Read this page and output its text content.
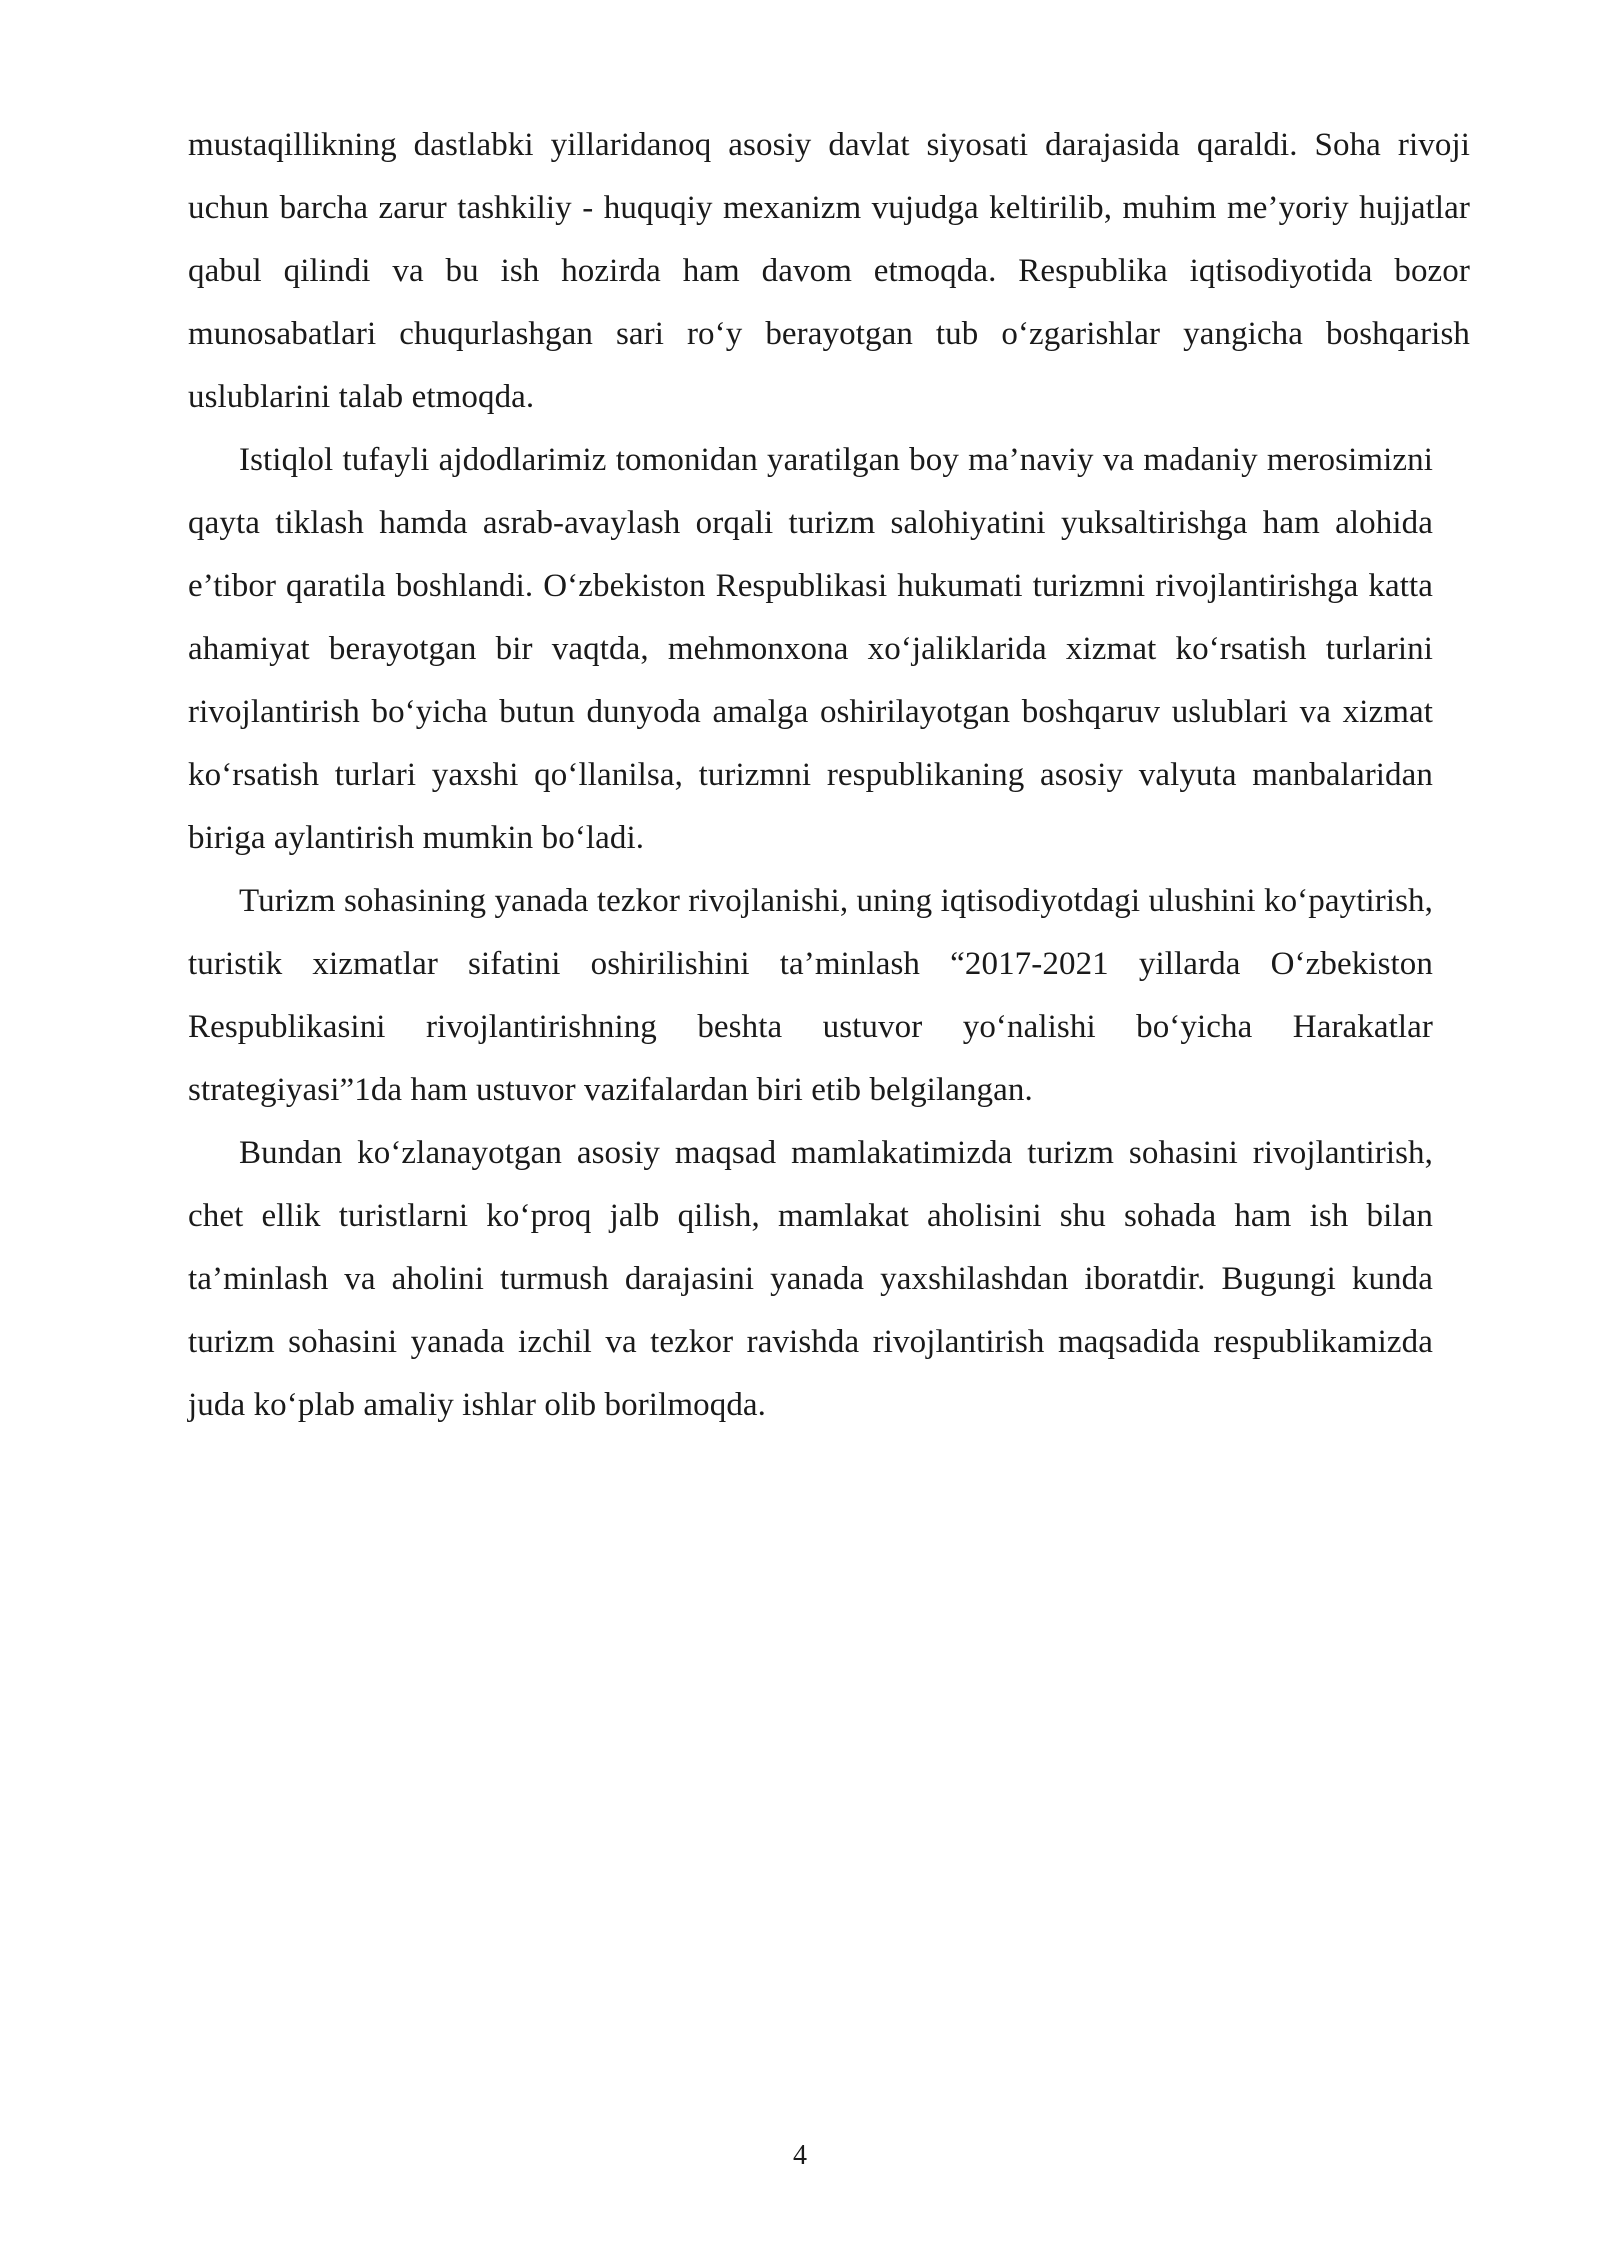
mustaqillikning dastlabki yillaridanoq asosiy davlat siyosati darajasida qaraldi. Soha rivoji uchun barcha zarur tashkiliy - huquqiy mexanizm vujudga keltirilib, muhim me’yoriy hujjatlar qabul qilindi va bu ish hozirda ham davom etmoqda. Respublika iqtisodiyotida bozor munosabatlari chuqurlashgan sari ro‘y berayotgan tub o‘zgarishlar yangicha boshqarish uslublarini talab etmoqda.

Istiqlol tufayli ajdodlarimiz tomonidan yaratilgan boy ma’naviy va madaniy merosimizni qayta tiklash hamda asrab-avaylash orqali turizm salohiyatini yuksaltirishga ham alohida e’tibor qaratila boshlandi. O‘zbekiston Respublikasi hukumati turizmni rivojlantirishga katta ahamiyat berayotgan bir vaqtda, mehmonxona xo‘jaliklarida xizmat ko‘rsatish turlarini rivojlantirish bo‘yicha butun dunyoda amalga oshirilayotgan boshqaruv uslublari va xizmat ko‘rsatish turlari yaxshi qo‘llanilsa, turizmni respublikaning asosiy valyuta manbalaridan biriga aylantirish mumkin bo‘ladi.

Turizm sohasining yanada tezkor rivojlanishi, uning iqtisodiyotdagi ulushini ko‘paytirish, turistik xizmatlar sifatini oshirilishini ta’minlash “2017-2021 yillarda O‘zbekiston Respublikasini rivojlantirishning beshta ustuvor yo‘nalishi bo‘yicha Harakatlar strategiyasi”1da ham ustuvor vazifalardan biri etib belgilangan.

Bundan ko‘zlanayotgan asosiy maqsad mamlakatimizda turizm sohasini rivojlantirish, chet ellik turistlarni ko‘proq jalb qilish, mamlakat aholisini shu sohada ham ish bilan ta’minlash va aholini turmush darajasini yanada yaxshilashdan iboratdir. Bugungi kunda turizm sohasini yanada izchil va tezkor ravishda rivojlantirish maqsadida respublikamizda juda ko‘plab amaliy ishlar olib borilmoqda.

4
